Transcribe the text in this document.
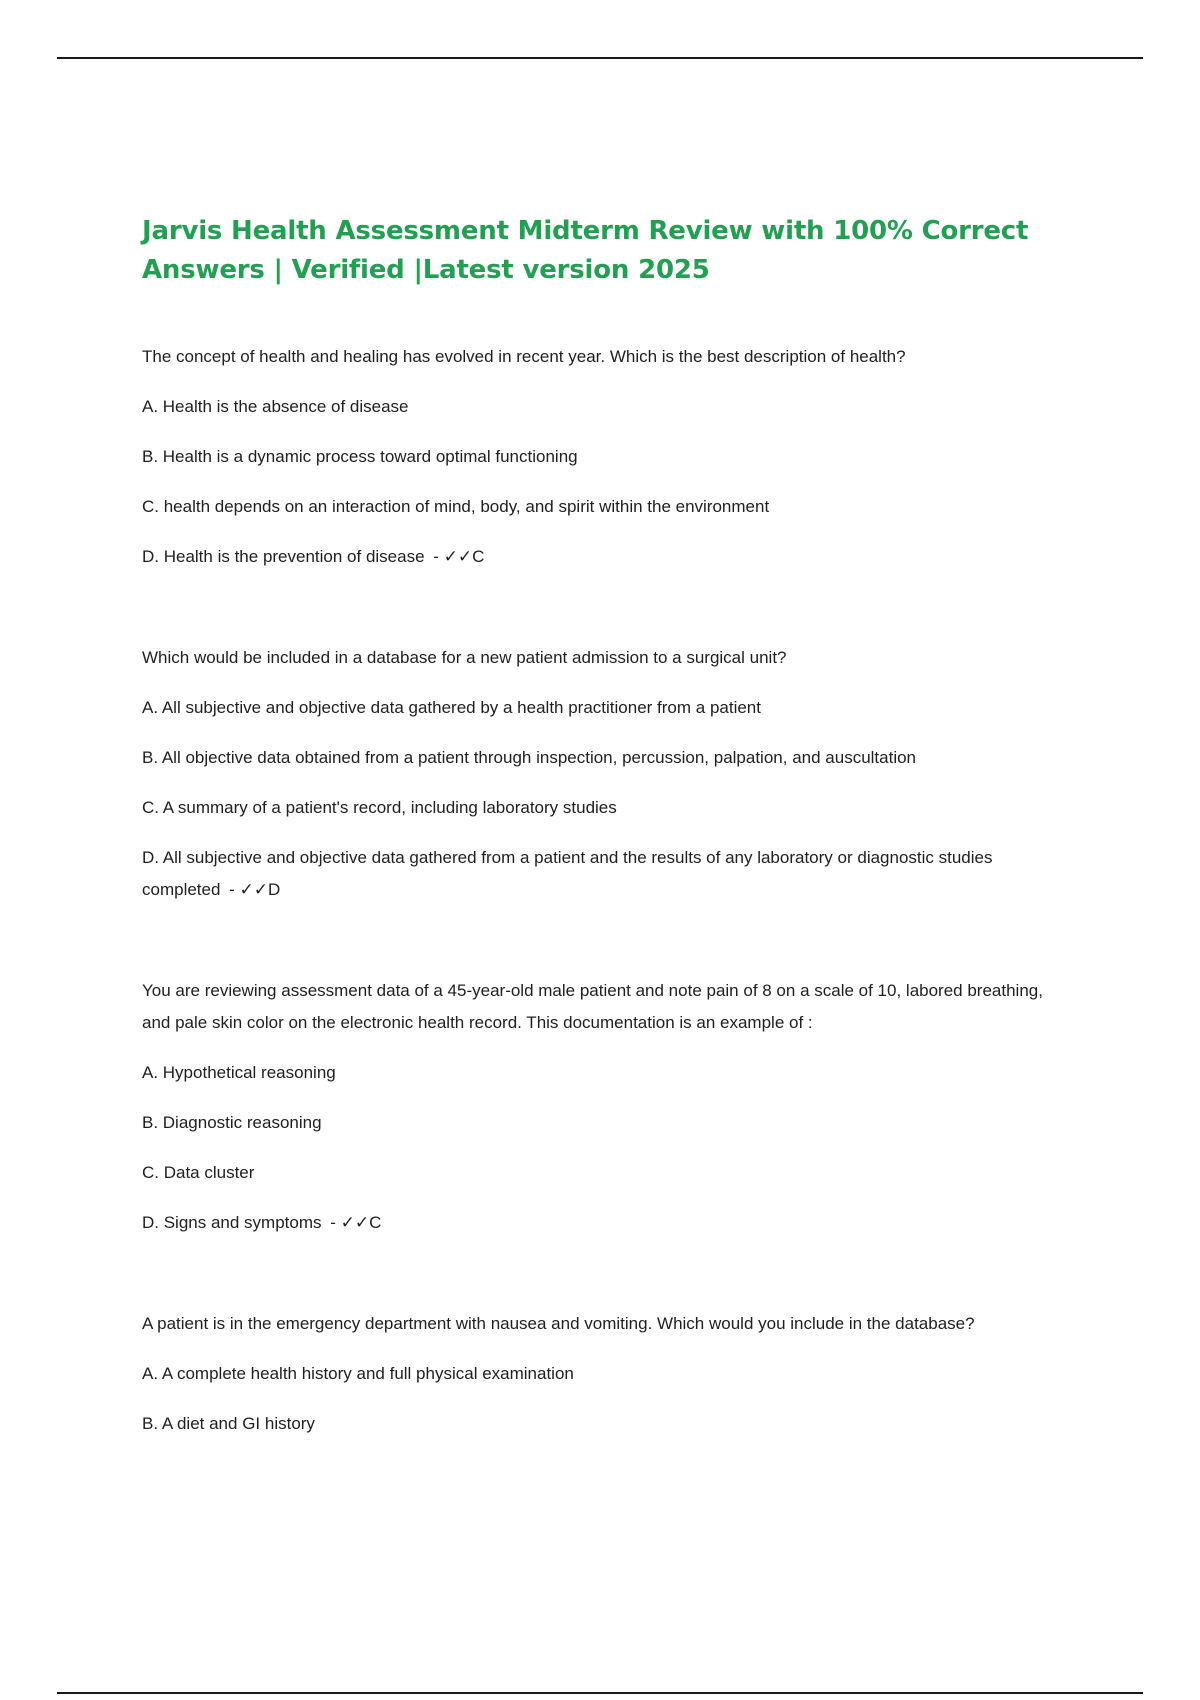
Jarvis Health Assessment Midterm Review with 100% Correct Answers | Verified |Latest version 2025

The concept of health and healing has evolved in recent year. Which is the best description of health?

A. Health is the absence of disease

B. Health is a dynamic process toward optimal functioning

C. health depends on an interaction of mind, body, and spirit within the environment

D. Health is the prevention of disease - ✓✓C

Which would be included in a database for a new patient admission to a surgical unit?

A. All subjective and objective data gathered by a health practitioner from a patient

B. All objective data obtained from a patient through inspection, percussion, palpation, and auscultation

C. A summary of a patient's record, including laboratory studies

D. All subjective and objective data gathered from a patient and the results of any laboratory or diagnostic studies completed - ✓✓D

You are reviewing assessment data of a 45-year-old male patient and note pain of 8 on a scale of 10, labored breathing, and pale skin color on the electronic health record. This documentation is an example of :

A. Hypothetical reasoning

B. Diagnostic reasoning

C. Data cluster

D. Signs and symptoms - ✓✓C

A patient is in the emergency department with nausea and vomiting. Which would you include in the database?

A. A complete health history and full physical examination

B. A diet and GI history
